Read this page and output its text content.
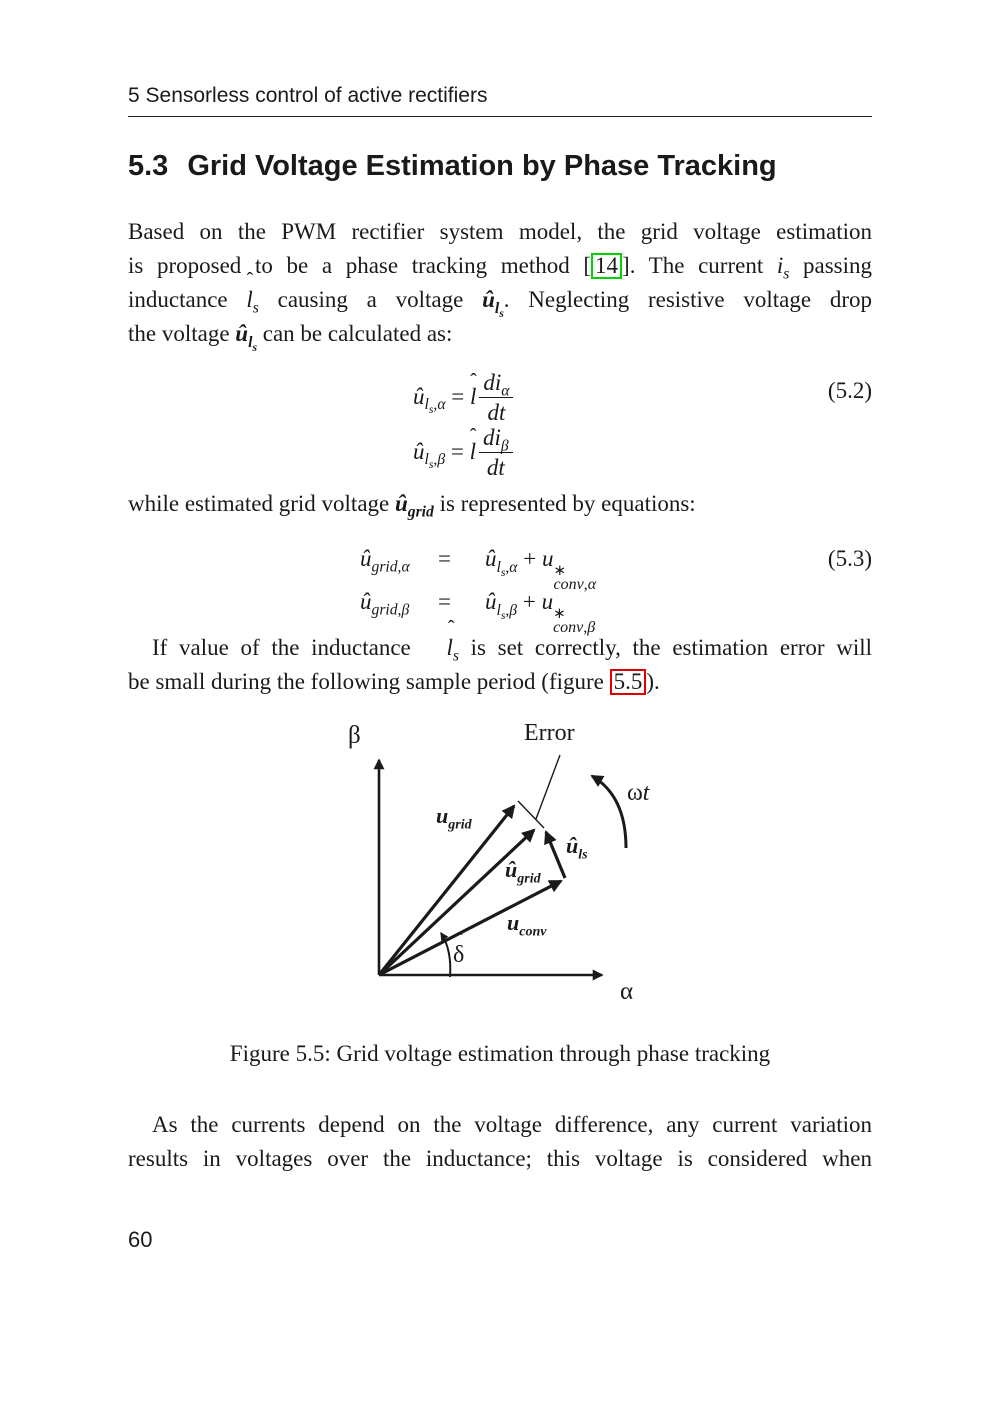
5 Sensorless control of active rectifiers
5.3 Grid Voltage Estimation by Phase Tracking
Based on the PWM rectifier system model, the grid voltage estimation
is proposed to be a phase tracking method [ 14 ]. The current $i_s$ passing
inductance l ˆ$_s$ causing a voltage $û_{l_s}$. Neglecting resistive voltage drop
the voltage $û_{l_s}$ can be calculated as:
$û_{l_s,\alpha} = l$ ˆ $\frac{di_\alpha}{dt}$
$û_{l_s,\beta} = l$ ˆ $\frac{di_\beta}{dt}$
(5.2)
while estimated grid voltage $û_{grid}$ is represented by equations:
$û_{grid,\alpha}$ = $û_{l_s,\alpha} + u$ ∗
conv,α
$û_{grid,\beta}$ = $û_{l_s,\beta} + u$ ∗
conv,β
(5.3)
If value of the inductance l ˆ$_s$ is set correctly, the estimation error will
be small during the following sample period (figure 5.5 ).
β
α
Error
ωt
$u_{grid}$
$û_{grid}$
$û_{ls}$
$u_{conv}$
δ ˆ
Figure 5.5: Grid voltage estimation through phase tracking
As the currents depend on the voltage difference, any current variation
results in voltages over the inductance; this voltage is considered when
60
